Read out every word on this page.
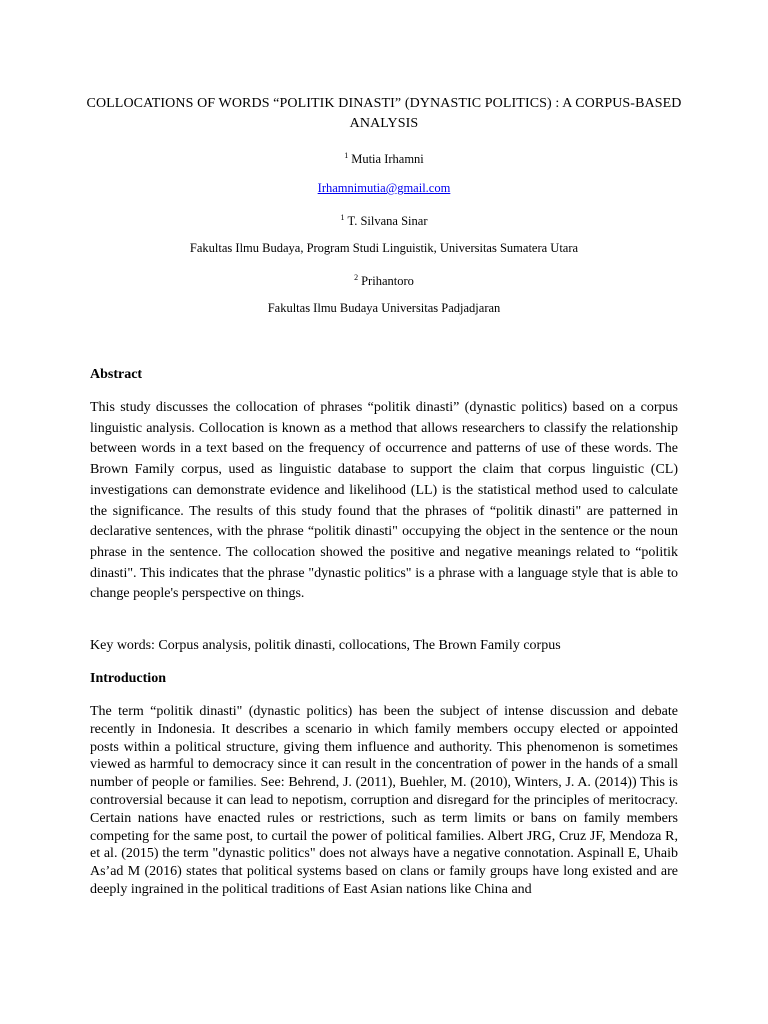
COLLOCATIONS OF WORDS “POLITIK DINASTI” (DYNASTIC POLITICS) : A CORPUS-BASED ANALYSIS
$^1$ Mutia Irhamni
Irhamnimutia@gmail.com
$^1$ T. Silvana Sinar
Fakultas Ilmu Budaya, Program Studi Linguistik, Universitas Sumatera Utara
$^2$ Prihantoro
Fakultas Ilmu Budaya Universitas Padjadjaran
Abstract
This study discusses the collocation of phrases “politik dinasti” (dynastic politics) based on a corpus linguistic analysis. Collocation is known as a method that allows researchers to classify the relationship between words in a text based on the frequency of occurrence and patterns of use of these words. The Brown Family corpus, used as linguistic database to support the claim that corpus linguistic (CL) investigations can demonstrate evidence and likelihood (LL) is the statistical method used to calculate the significance. The results of this study found that the phrases of “politik dinasti" are patterned in declarative sentences, with the phrase “politik dinasti" occupying the object in the sentence or the noun phrase in the sentence. The collocation showed the positive and negative meanings related to “politik dinasti". This indicates that the phrase "dynastic politics" is a phrase with a language style that is able to change people's perspective on things.
Key words: Corpus analysis, politik dinasti, collocations, The Brown Family corpus
Introduction
The term “politik dinasti" (dynastic politics) has been the subject of intense discussion and debate recently in Indonesia. It describes a scenario in which family members occupy elected or appointed posts within a political structure, giving them influence and authority. This phenomenon is sometimes viewed as harmful to democracy since it can result in the concentration of power in the hands of a small number of people or families. See: Behrend, J. (2011), Buehler, M. (2010), Winters, J. A. (2014)) This is controversial because it can lead to nepotism, corruption and disregard for the principles of meritocracy. Certain nations have enacted rules or restrictions, such as term limits or bans on family members competing for the same post, to curtail the power of political families. Albert JRG, Cruz JF, Mendoza R, et al. (2015) the term "dynastic politics" does not always have a negative connotation. Aspinall E, Uhaib As’ad M (2016) states that political systems based on clans or family groups have long existed and are deeply ingrained in the political traditions of East Asian nations like China and
